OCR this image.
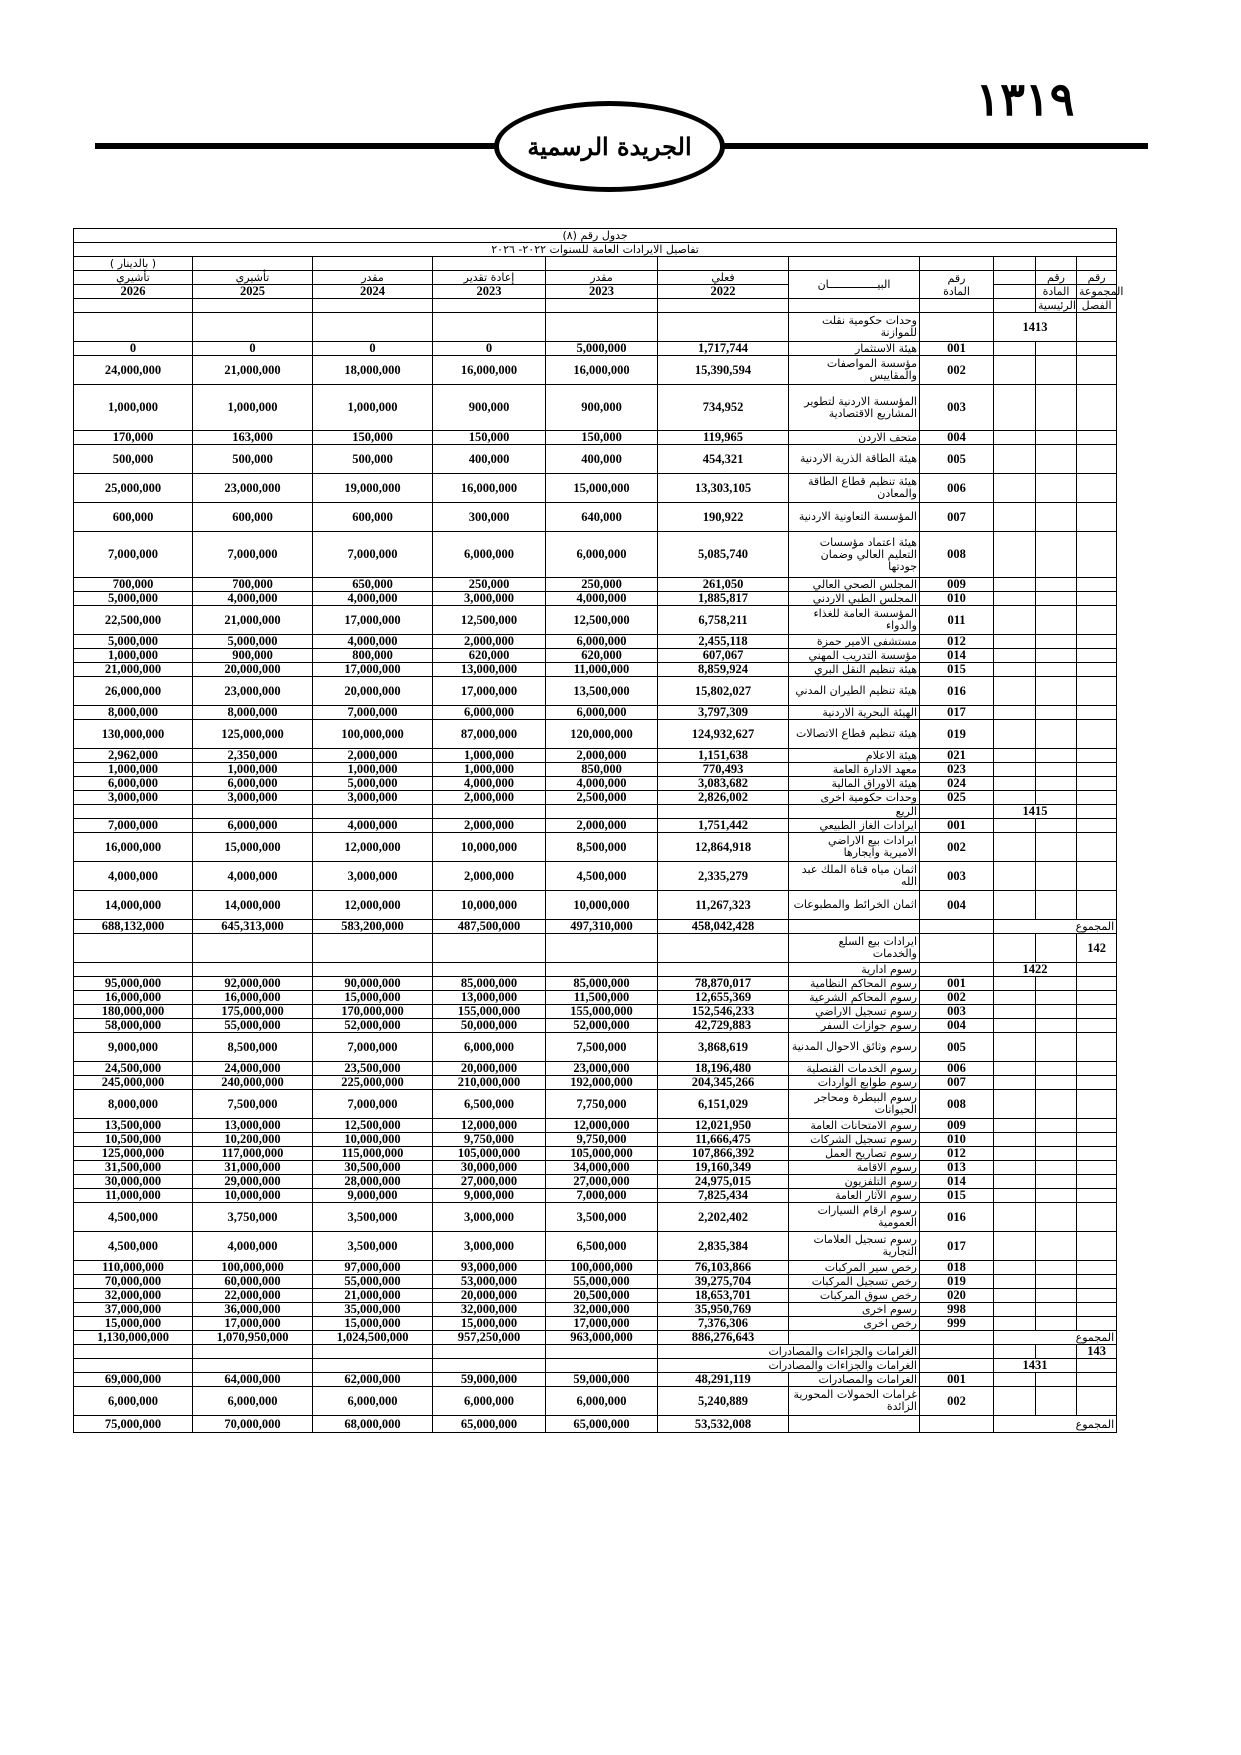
١٣١٩
الجريدة الرسمية
جدول رقم (٨)										
تفاصيل الايرادات العامة للسنوات ٢٠٢٢- ٢٠٢٦										
( بالدينار )										
تأشيري	تأشيري	مقدر	إعادة تقدير	مقدر	فعلي	البيـــــــــــــــان	رقم
المادة		رقم	رقم
2026	2025	2024	2023	2023	2022				المادة	المجموعة
									الرئيسية	الفصل
						وحدات حكومية نقلت للموازنة		1413		
0	0	0	0	5,000,000	1,717,744	هيئة الاستثمار	001			
24,000,000	21,000,000	18,000,000	16,000,000	16,000,000	15,390,594	مؤسسة المواصفات والمقاييس	002			
1,000,000	1,000,000	1,000,000	900,000	900,000	734,952	المؤسسة الاردنية لتطوير المشاريع الاقتصادية	003			
170,000	163,000	150,000	150,000	150,000	119,965	متحف الاردن	004			
500,000	500,000	500,000	400,000	400,000	454,321	هيئة الطاقة الذرية الاردنية	005			
25,000,000	23,000,000	19,000,000	16,000,000	15,000,000	13,303,105	هيئة تنظيم قطاع الطاقة والمعادن	006			
600,000	600,000	600,000	300,000	640,000	190,922	المؤسسة التعاونية الاردنية	007			
7,000,000	7,000,000	7,000,000	6,000,000	6,000,000	5,085,740	هيئة اعتماد مؤسسات التعليم العالي وضمان جودتها	008			
700,000	700,000	650,000	250,000	250,000	261,050	المجلس الصحي العالي	009			
5,000,000	4,000,000	4,000,000	3,000,000	4,000,000	1,885,817	المجلس الطبي الاردني	010			
22,500,000	21,000,000	17,000,000	12,500,000	12,500,000	6,758,211	المؤسسة العامة للغذاء والدواء	011			
5,000,000	5,000,000	4,000,000	2,000,000	6,000,000	2,455,118	مستشفى الامير حمزة	012			
1,000,000	900,000	800,000	620,000	620,000	607,067	مؤسسة التدريب المهني	014			
21,000,000	20,000,000	17,000,000	13,000,000	11,000,000	8,859,924	هيئة تنظيم النقل البري	015			
26,000,000	23,000,000	20,000,000	17,000,000	13,500,000	15,802,027	هيئة تنظيم الطيران المدني	016			
8,000,000	8,000,000	7,000,000	6,000,000	6,000,000	3,797,309	الهيئة البحرية الاردنية	017			
130,000,000	125,000,000	100,000,000	87,000,000	120,000,000	124,932,627	هيئة تنظيم قطاع الاتصالات	019			
2,962,000	2,350,000	2,000,000	1,000,000	2,000,000	1,151,638	هيئة الاعلام	021			
1,000,000	1,000,000	1,000,000	1,000,000	850,000	770,493	معهد الادارة العامة	023			
6,000,000	6,000,000	5,000,000	4,000,000	4,000,000	3,083,682	هيئة الاوراق المالية	024			
3,000,000	3,000,000	3,000,000	2,000,000	2,500,000	2,826,002	وحدات حكومية اخرى	025			
						الريع		1415		
7,000,000	6,000,000	4,000,000	2,000,000	2,000,000	1,751,442	ايرادات الغاز الطبيعي	001			
16,000,000	15,000,000	12,000,000	10,000,000	8,500,000	12,864,918	ايرادات بيع الاراضي الاميرية وايجارها	002			
4,000,000	4,000,000	3,000,000	2,000,000	4,500,000	2,335,279	اثمان مياه قناة الملك عبد الله	003			
14,000,000	14,000,000	12,000,000	10,000,000	10,000,000	11,267,323	اثمان الخرائط والمطبوعات	004			
688,132,000	645,313,000	583,200,000	487,500,000	497,310,000	458,042,428			المجموع		
						ايرادات بيع السلع والخدمات				142
						رسوم ادارية		1422		
95,000,000	92,000,000	90,000,000	85,000,000	85,000,000	78,870,017	رسوم المحاكم النظامية	001			
16,000,000	16,000,000	15,000,000	13,000,000	11,500,000	12,655,369	رسوم المحاكم الشرعية	002			
180,000,000	175,000,000	170,000,000	155,000,000	155,000,000	152,546,233	رسوم تسجيل الاراضي	003			
58,000,000	55,000,000	52,000,000	50,000,000	52,000,000	42,729,883	رسوم جوازات السفر	004			
9,000,000	8,500,000	7,000,000	6,000,000	7,500,000	3,868,619	رسوم وثائق الاحوال المدنية	005			
24,500,000	24,000,000	23,500,000	20,000,000	23,000,000	18,196,480	رسوم الخدمات القنصلية	006			
245,000,000	240,000,000	225,000,000	210,000,000	192,000,000	204,345,266	رسوم طوابع الواردات	007			
8,000,000	7,500,000	7,000,000	6,500,000	7,750,000	6,151,029	رسوم البيطرة ومحاجر الحيوانات	008			
13,500,000	13,000,000	12,500,000	12,000,000	12,000,000	12,021,950	رسوم الامتحانات العامة	009			
10,500,000	10,200,000	10,000,000	9,750,000	9,750,000	11,666,475	رسوم تسجيل الشركات	010			
125,000,000	117,000,000	115,000,000	105,000,000	105,000,000	107,866,392	رسوم تصاريح العمل	012			
31,500,000	31,000,000	30,500,000	30,000,000	34,000,000	19,160,349	رسوم الاقامة	013			
30,000,000	29,000,000	28,000,000	27,000,000	27,000,000	24,975,015	رسوم التلفزيون	014			
11,000,000	10,000,000	9,000,000	9,000,000	7,000,000	7,825,434	رسوم الآثار العامة	015			
4,500,000	3,750,000	3,500,000	3,000,000	3,500,000	2,202,402	رسوم ارقام السيارات العمومية	016			
4,500,000	4,000,000	3,500,000	3,000,000	6,500,000	2,835,384	رسوم تسجيل العلامات التجارية	017			
110,000,000	100,000,000	97,000,000	93,000,000	100,000,000	76,103,866	رخص سير المركبات	018			
70,000,000	60,000,000	55,000,000	53,000,000	55,000,000	39,275,704	رخص تسجيل المركبات	019			
32,000,000	22,000,000	21,000,000	20,000,000	20,500,000	18,653,701	رخص سوق المركبات	020			
37,000,000	36,000,000	35,000,000	32,000,000	32,000,000	35,950,769	رسوم اخرى	998			
15,000,000	17,000,000	15,000,000	15,000,000	17,000,000	7,376,306	رخص اخرى	999			
1,130,000,000	1,070,950,000	1,024,500,000	957,250,000	963,000,000	886,276,643			المجموع		
					الغرامات والجزاءات والمصادرات					143
					الغرامات والجزاءات والمصادرات			1431		
69,000,000	64,000,000	62,000,000	59,000,000	59,000,000	48,291,119	الغرامات والمصادرات	001			
6,000,000	6,000,000	6,000,000	6,000,000	6,000,000	5,240,889	غرامات الحمولات المحورية الزائدة	002			
75,000,000	70,000,000	68,000,000	65,000,000	65,000,000	53,532,008			المجموع		
